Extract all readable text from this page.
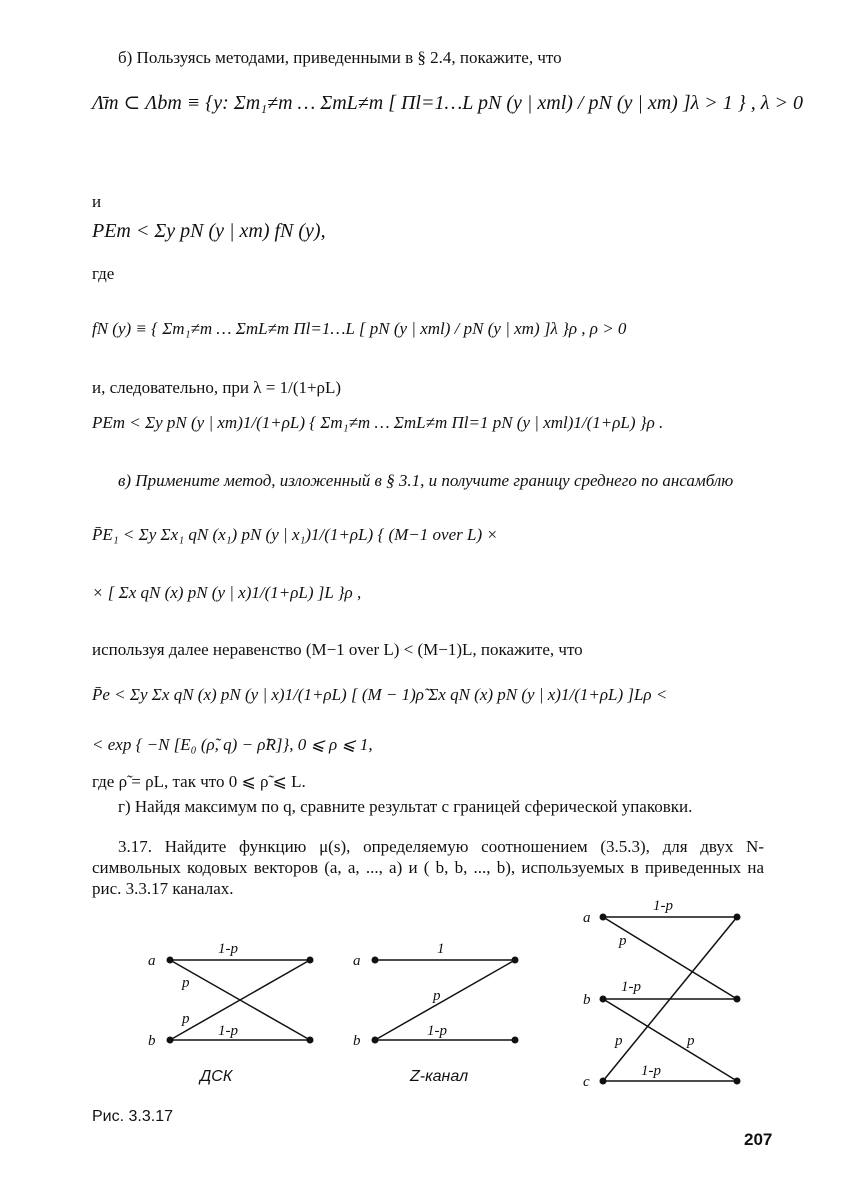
б) Пользуясь методами, приведенными в § 2.4, покажите, что
Λ̄m ⊂ Λbm ≡ {y: Σm₁≠m … ΣmL≠m [ Πl=1…L pN (y | xml) / pN (y | xm) ]λ > 1 } , λ > 0
и
PEm < Σy pN (y | xm) fN (y),
где
fN (y) ≡ { Σm₁≠m … ΣmL≠m Πl=1…L [ pN (y | xml) / pN (y | xm) ]λ }ρ , ρ > 0
и, следовательно, при λ = 1/(1+ρL)
PEm < Σy pN (y | xm)1/(1+ρL) { Σm₁≠m … ΣmL≠m Πl=1 pN (y | xml)1/(1+ρL) }ρ .
в) Примените метод, изложенный в § 3.1, и получите границу среднего по ансамблю
P̄E₁ < Σy Σx₁ qN (x₁) pN (y | x₁)1/(1+ρL) { (M−1 over L) ×
× [ Σx qN (x) pN (y | x)1/(1+ρL) ]L }ρ ,
используя далее неравенство (M−1 over L) < (M−1)L, покажите, что
P̄e < Σy Σx qN (x) pN (y | x)1/(1+ρL) [ (M − 1)ρ̃ Σx qN (x) pN (y | x)1/(1+ρL) ]Lρ <
< exp { −N [E₀ (ρ̃, q) − ρ̃R]}, 0 ⩽ ρ ⩽ 1,
где ρ̃ = ρL, так что 0 ⩽ ρ̃ ⩽ L.
г) Найдя максимум по q, сравните результат с границей сферической упаковки.
3.17. Найдите функцию μ(s), определяемую соотношением (3.5.3), для двух N-символьных кодовых векторов (a, a, ..., a) и ( b, b, ..., b), используемых в приведенных на рис. 3.3.17 каналах.
a
b
1-p
p
p
1-p
ДСК
a
b
1
p
1-p
Z-канал
a
b
c
1-p
p
1-p
p
p
1-p
Рис. 3.3.17
207
